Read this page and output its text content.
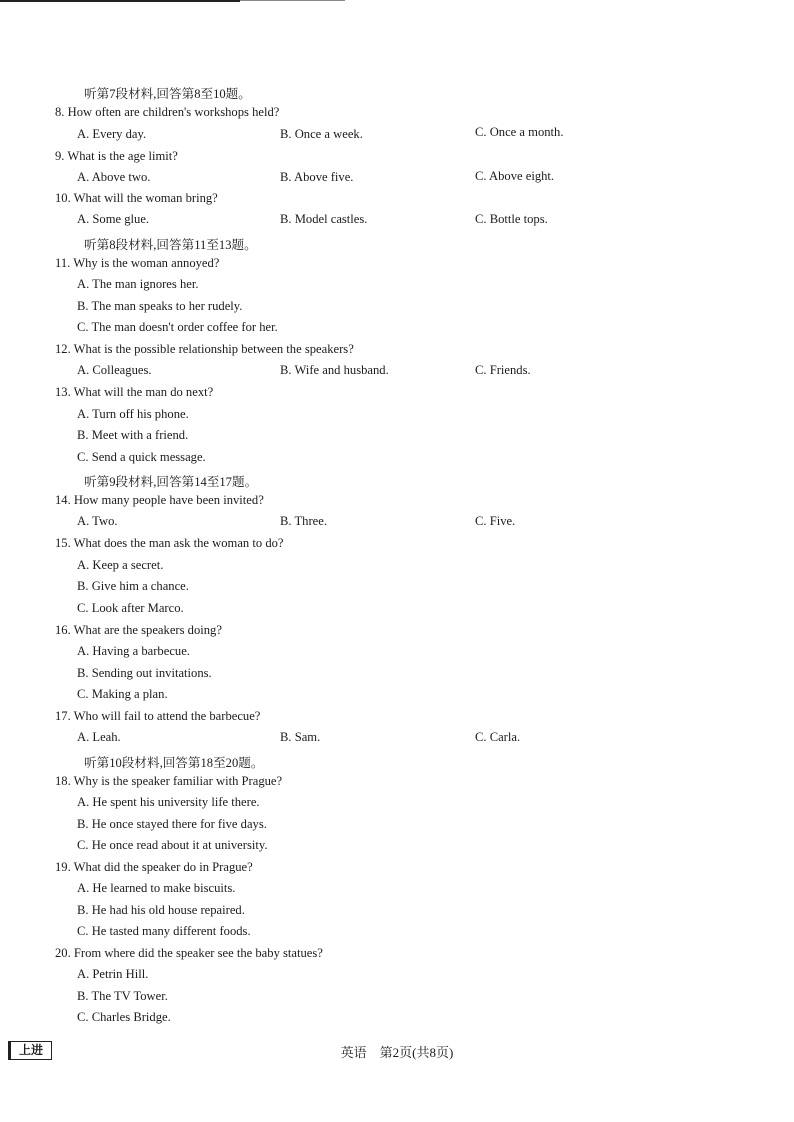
听第7段材料,回答第8至10题。
8. How often are children's workshops held?
A. Every day.	B. Once a week.	C. Once a month.
9. What is the age limit?
A. Above two.	B. Above five.	C. Above eight.
10. What will the woman bring?
A. Some glue.	B. Model castles.	C. Bottle tops.
听第8段材料,回答第11至13题。
11. Why is the woman annoyed?
A. The man ignores her.
B. The man speaks to her rudely.
C. The man doesn't order coffee for her.
12. What is the possible relationship between the speakers?
A. Colleagues.	B. Wife and husband.	C. Friends.
13. What will the man do next?
A. Turn off his phone.
B. Meet with a friend.
C. Send a quick message.
听第9段材料,回答第14至17题。
14. How many people have been invited?
A. Two.	B. Three.	C. Five.
15. What does the man ask the woman to do?
A. Keep a secret.
B. Give him a chance.
C. Look after Marco.
16. What are the speakers doing?
A. Having a barbecue.
B. Sending out invitations.
C. Making a plan.
17. Who will fail to attend the barbecue?
A. Leah.	B. Sam.	C. Carla.
听第10段材料,回答第18至20题。
18. Why is the speaker familiar with Prague?
A. He spent his university life there.
B. He once stayed there for five days.
C. He once read about it at university.
19. What did the speaker do in Prague?
A. He learned to make biscuits.
B. He had his old house repaired.
C. He tasted many different foods.
20. From where did the speaker see the baby statues?
A. Petrin Hill.
B. The TV Tower.
C. Charles Bridge.
上进	英语　第2页(共8页)
